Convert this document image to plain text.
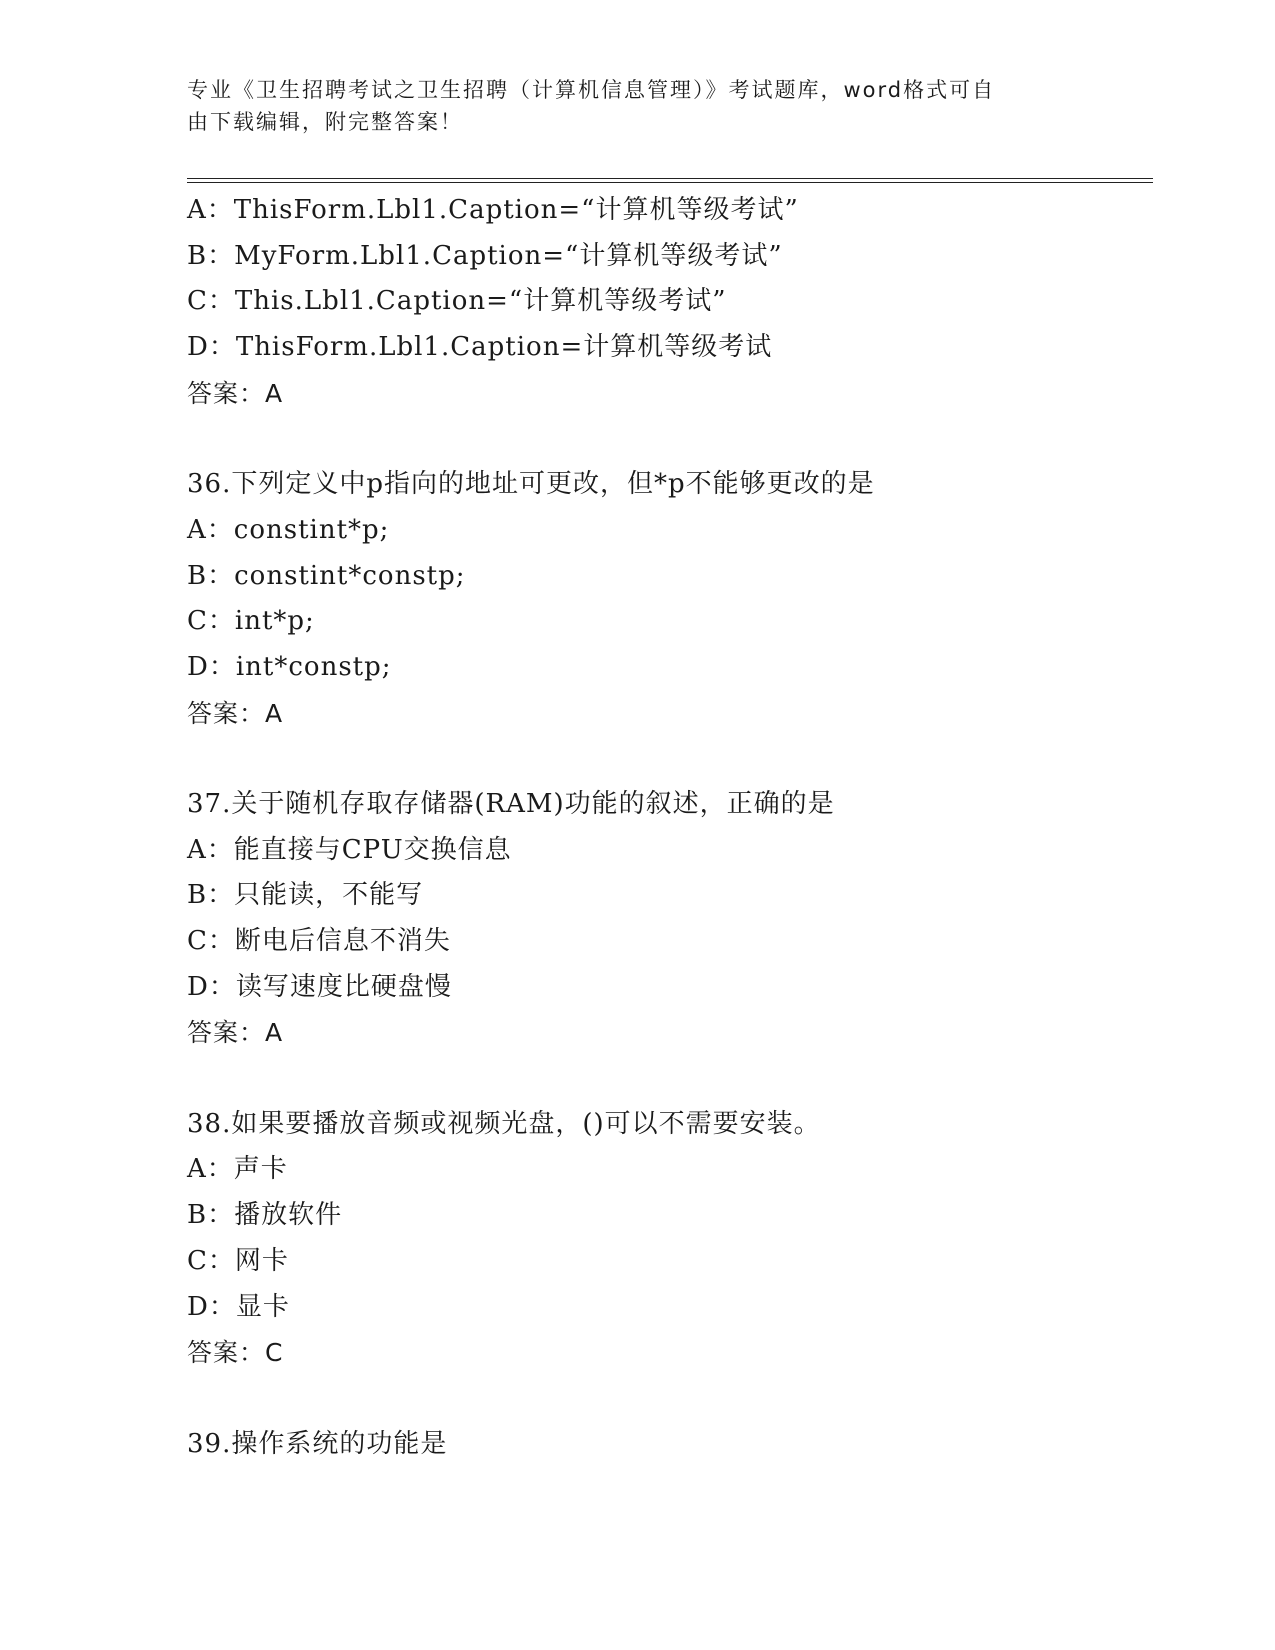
专业《卫生招聘考试之卫生招聘（计算机信息管理）》考试题库，word格式可自
由下载编辑，附完整答案！
A：ThisForm.Lbl1.Caption=“计算机等级考试”
B：MyForm.Lbl1.Caption=“计算机等级考试”
C：This.Lbl1.Caption=“计算机等级考试”
D：ThisForm.Lbl1.Caption=计算机等级考试
答案：A
36.下列定义中p指向的地址可更改，但*p不能够更改的是
A：constint*p;
B：constint*constp;
C：int*p;
D：int*constp;
答案：A
37.关于随机存取存储器(RAM)功能的叙述，正确的是
A：能直接与CPU交换信息
B：只能读，不能写
C：断电后信息不消失
D：读写速度比硬盘慢
答案：A
38.如果要播放音频或视频光盘，()可以不需要安装。
A：声卡
B：播放软件
C：网卡
D：显卡
答案：C
39.操作系统的功能是
